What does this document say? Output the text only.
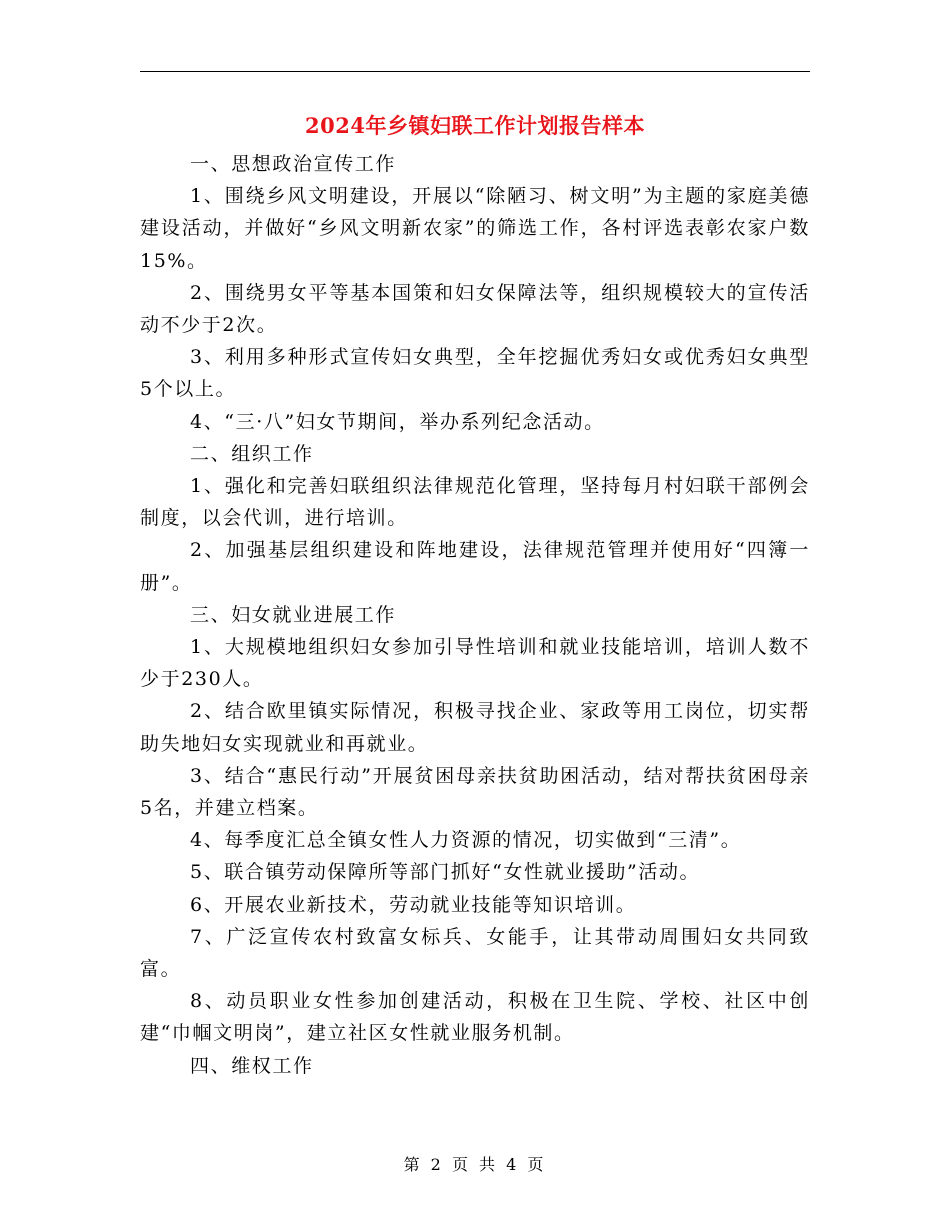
2024年乡镇妇联工作计划报告样本

一、思想政治宣传工作

1、围绕乡风文明建设，开展以“除陋习、树文明”为主题的家庭美德建设活动，并做好“乡风文明新农家”的筛选工作，各村评选表彰农家户数15%。

2、围绕男女平等基本国策和妇女保障法等，组织规模较大的宣传活动不少于2次。

3、利用多种形式宣传妇女典型，全年挖掘优秀妇女或优秀妇女典型5个以上。

4、“三·八”妇女节期间，举办系列纪念活动。

二、组织工作

1、强化和完善妇联组织法律规范化管理，坚持每月村妇联干部例会制度，以会代训，进行培训。

2、加强基层组织建设和阵地建设，法律规范管理并使用好“四簿一册”。

三、妇女就业进展工作

1、大规模地组织妇女参加引导性培训和就业技能培训，培训人数不少于230人。

2、结合欧里镇实际情况，积极寻找企业、家政等用工岗位，切实帮助失地妇女实现就业和再就业。

3、结合“惠民行动”开展贫困母亲扶贫助困活动，结对帮扶贫困母亲5名，并建立档案。

4、每季度汇总全镇女性人力资源的情况，切实做到“三清”。

5、联合镇劳动保障所等部门抓好“女性就业援助”活动。

6、开展农业新技术，劳动就业技能等知识培训。

7、广泛宣传农村致富女标兵、女能手，让其带动周围妇女共同致富。

8、动员职业女性参加创建活动，积极在卫生院、学校、社区中创建“巾帼文明岗”，建立社区女性就业服务机制。

四、维权工作

第 2 页 共 4 页
